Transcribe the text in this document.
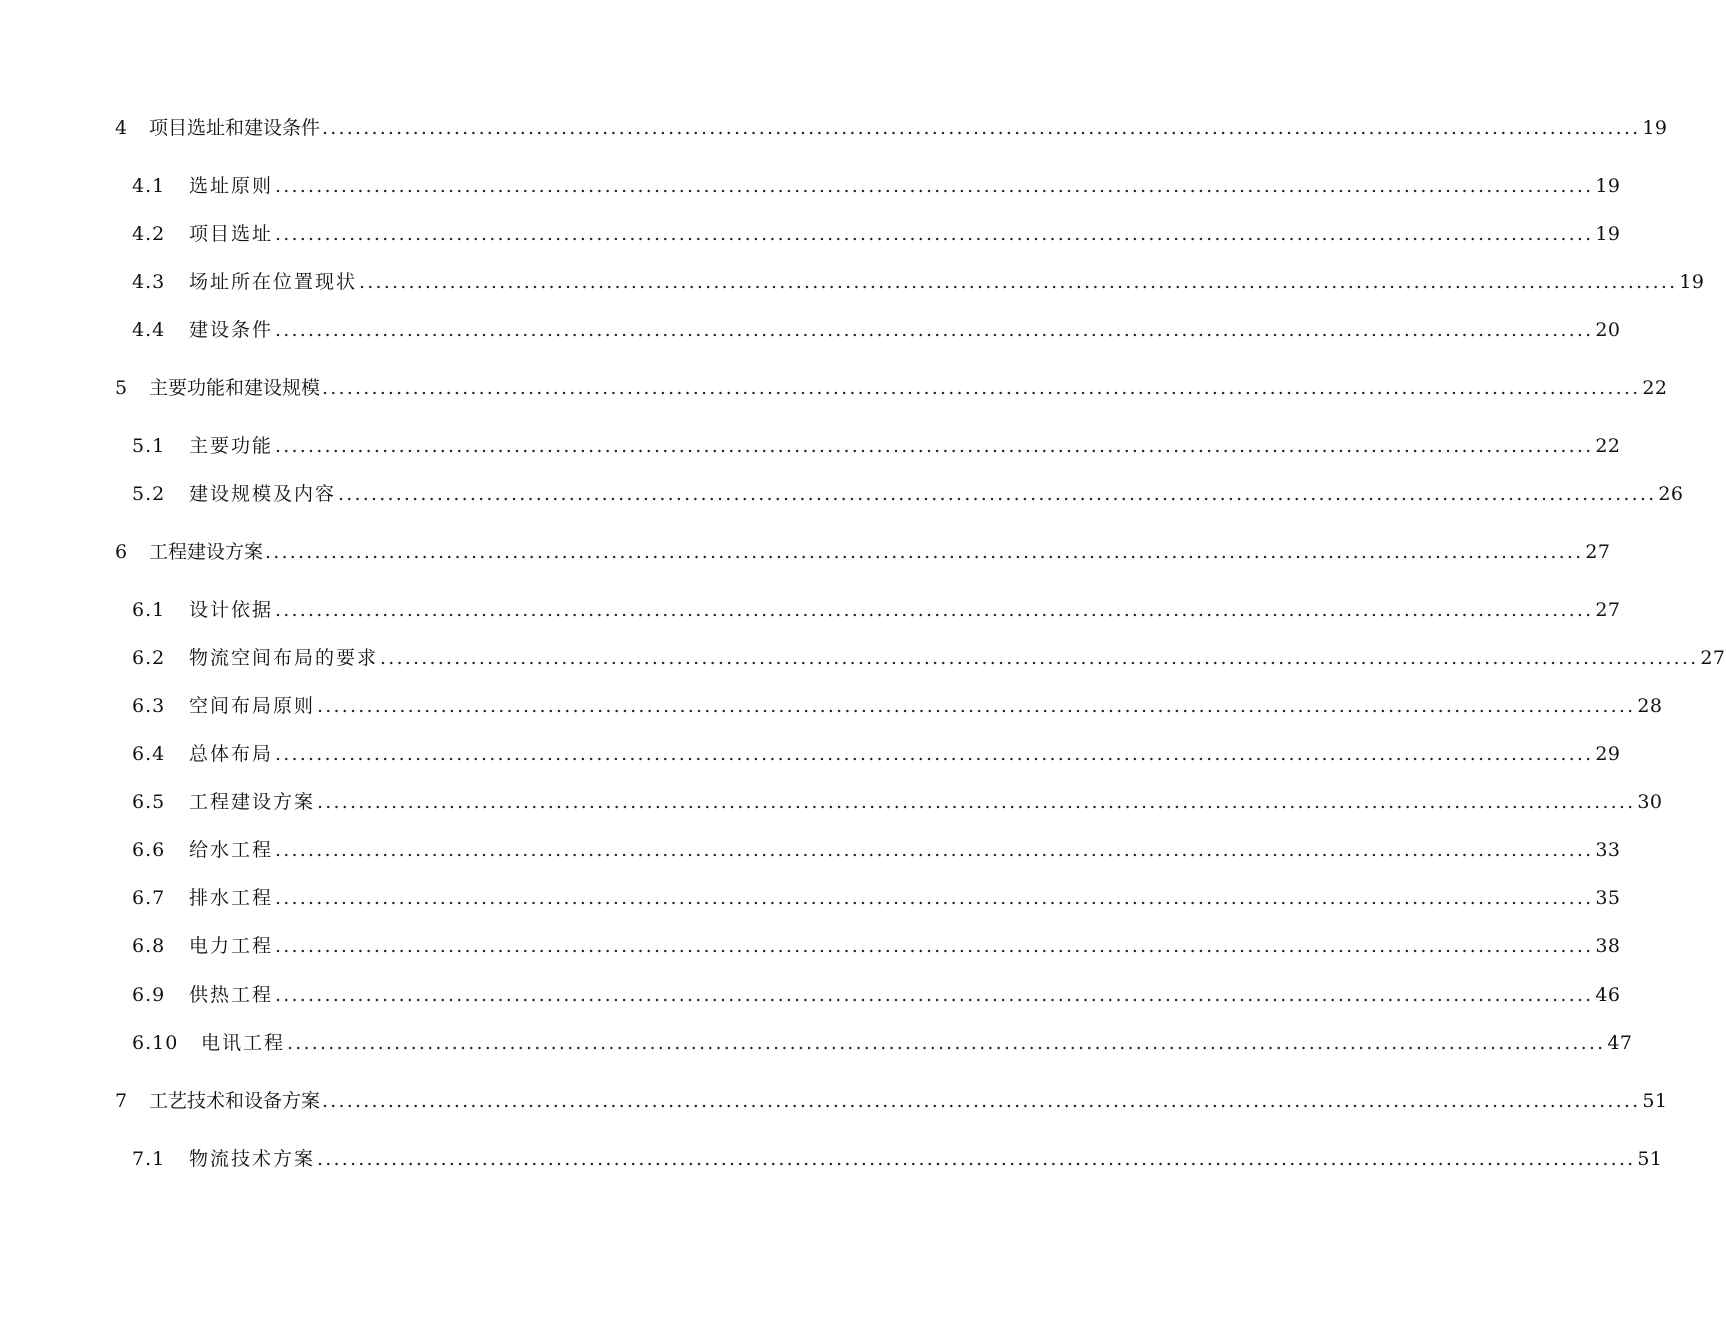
4	项目选址和建设条件 ................................................................................................................................................................ 19
4.1	选址原则 ................................................................................................................................................................ 19
4.2	项目选址 ................................................................................................................................................................ 19
4.3	场址所在位置现状 ................................................................................................................................................................ 19
4.4	建设条件 ................................................................................................................................................................ 20
5	主要功能和建设规模 ................................................................................................................................................................ 22
5.1	主要功能 ................................................................................................................................................................ 22
5.2	建设规模及内容 ................................................................................................................................................................ 26
6	工程建设方案 ................................................................................................................................................................ 27
6.1	设计依据 ................................................................................................................................................................ 27
6.2	物流空间布局的要求 ................................................................................................................................................................ 27
6.3	空间布局原则 ................................................................................................................................................................ 28
6.4	总体布局 ................................................................................................................................................................ 29
6.5	工程建设方案 ................................................................................................................................................................ 30
6.6	给水工程 ................................................................................................................................................................ 33
6.7	排水工程 ................................................................................................................................................................ 35
6.8	电力工程 ................................................................................................................................................................ 38
6.9	供热工程 ................................................................................................................................................................ 46
6.10	电讯工程 ................................................................................................................................................................ 47
7	工艺技术和设备方案 ................................................................................................................................................................ 51
7.1	物流技术方案 ................................................................................................................................................................ 51
